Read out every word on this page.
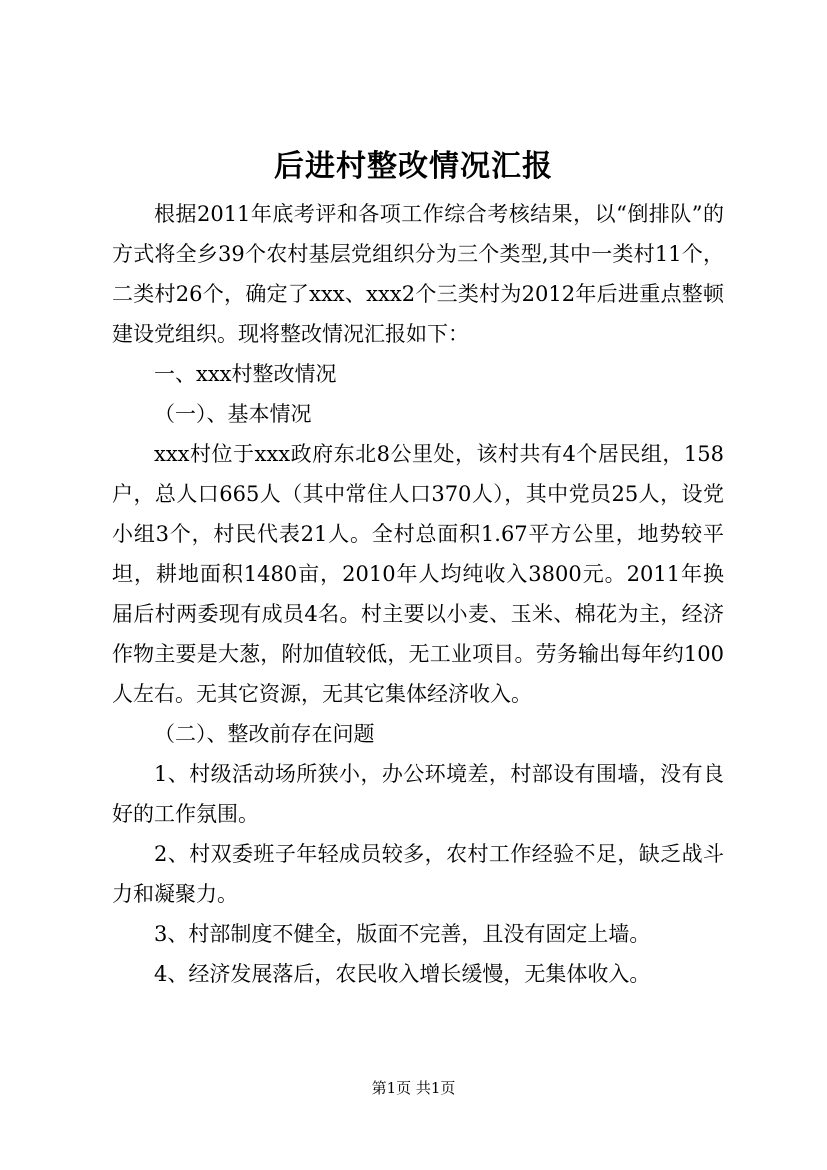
后进村整改情况汇报

根据2011年底考评和各项工作综合考核结果，以“倒排队”的方式将全乡39个农村基层党组织分为三个类型,其中一类村11个，二类村26个，确定了xxx、xxx2个三类村为2012年后进重点整顿建设党组织。现将整改情况汇报如下：

一、xxx村整改情况

（一）、基本情况

xxx村位于xxx政府东北8公里处，该村共有4个居民组，158户，总人口665人（其中常住人口370人），其中党员25人，设党小组3个，村民代表21人。全村总面积1.67平方公里，地势较平坦，耕地面积1480亩，2010年人均纯收入3800元。2011年换届后村两委现有成员4名。村主要以小麦、玉米、棉花为主，经济作物主要是大葱，附加值较低，无工业项目。劳务输出每年约100人左右。无其它资源，无其它集体经济收入。

（二）、整改前存在问题

1、村级活动场所狭小，办公环境差，村部设有围墙，没有良好的工作氛围。

2、村双委班子年轻成员较多，农村工作经验不足，缺乏战斗力和凝聚力。

3、村部制度不健全，版面不完善，且没有固定上墙。

4、经济发展落后，农民收入增长缓慢，无集体收入。

第1页 共1页
